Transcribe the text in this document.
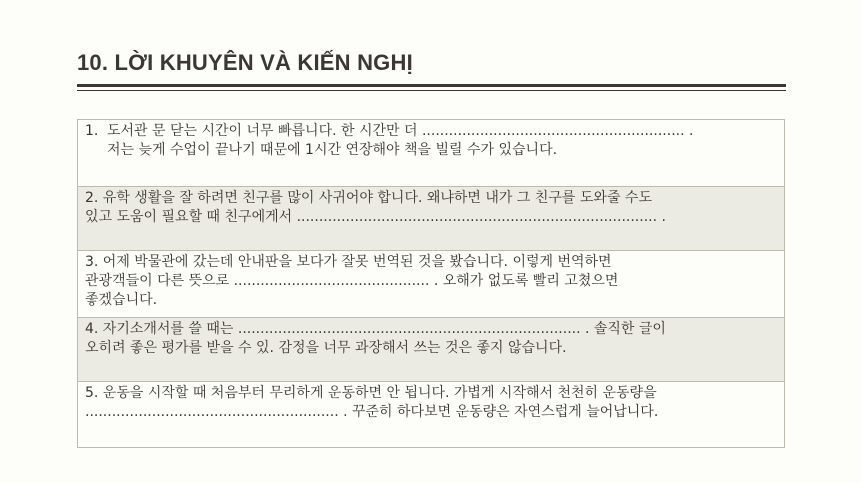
10. LỜI KHUYÊN VÀ KIẾN NGHỊ
1. 도서관 문 닫는 시간이 너무 빠릅니다. 한 시간만 더 ........................................................... .
저는 늦게 수업이 끝나기 때문에 1시간 연장해야 책을 빌릴 수가 있습니다.
2. 유학 생활을 잘 하려면 친구를 많이 사귀어야 합니다. 왜냐하면 내가 그 친구를 도와줄 수도
있고 도움이 필요할 때 친구에게서 ................................................................................. .
3. 어제 박물관에 갔는데 안내판을 보다가 잘못 번역된 것을 봤습니다. 이렇게 번역하면
관광객들이 다른 뜻으로 ............................................ . 오해가 없도록 빨리 고쳤으면
좋겠습니다.
4. 자기소개서를 쓸 때는 ............................................................................. . 솔직한 글이
오히려 좋은 평가를 받을 수 있. 감정을 너무 과장해서 쓰는 것은 좋지 않습니다.
5. 운동을 시작할 때 처음부터 무리하게 운동하면 안 됩니다. 가볍게 시작해서 천천히 운동량을
......................................................... . 꾸준히 하다보면 운동량은 자연스럽게 늘어납니다.
